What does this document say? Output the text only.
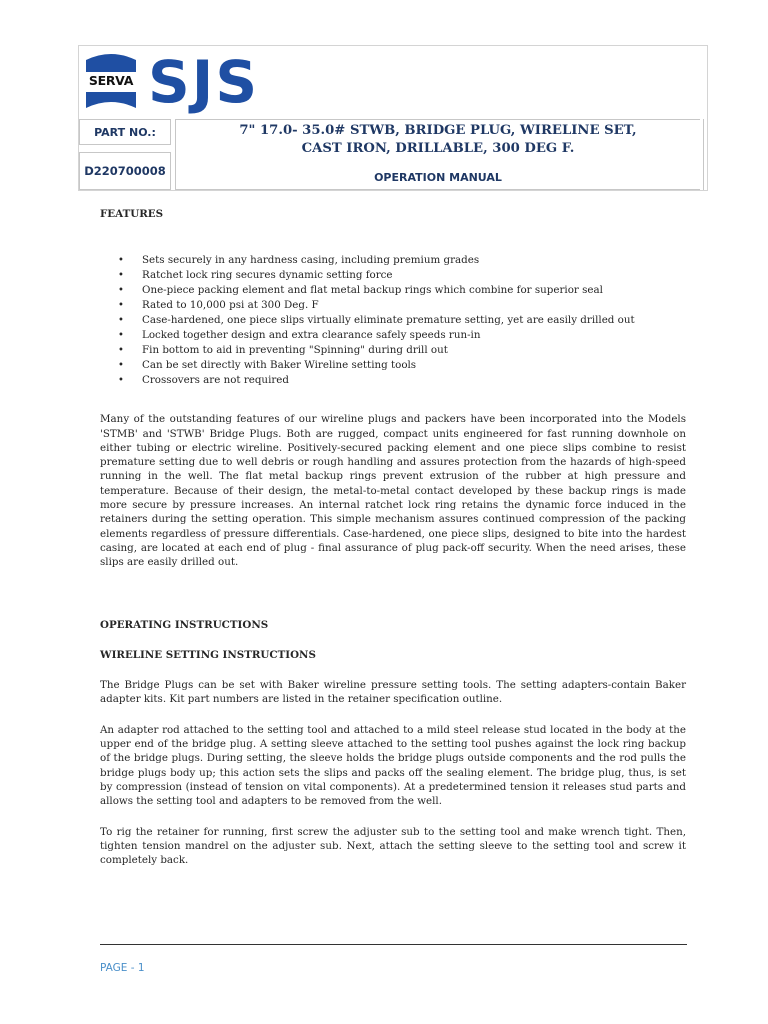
SERVA SJS
PART NO.:
D220700008
7" 17.0- 35.0# STWB, BRIDGE PLUG, WIRELINE SET,
CAST IRON, DRILLABLE, 300 DEG F.
OPERATION MANUAL
FEATURES
• Sets securely in any hardness casing, including premium grades
• Ratchet lock ring secures dynamic setting force
• One-piece packing element and flat metal backup rings which combine for superior seal
• Rated to 10,000 psi at 300 Deg. F
• Case-hardened, one piece slips virtually eliminate premature setting, yet are easily drilled out
• Locked together design and extra clearance safely speeds run-in
• Fin bottom to aid in preventing "Spinning" during drill out
• Can be set directly with Baker Wireline setting tools
• Crossovers are not required

Many of the outstanding features of our wireline plugs and packers have been incorporated into the Models 'STMB' and 'STWB' Bridge Plugs. Both are rugged, compact units engineered for fast running downhole on either tubing or electric wireline. Positively-secured packing element and one piece slips combine to resist premature setting due to well debris or rough handling and assures protection from the hazards of high-speed running in the well. The flat metal backup rings prevent extrusion of the rubber at high pressure and temperature. Because of their design, the metal-to-metal contact developed by these backup rings is made more secure by pressure increases. An internal ratchet lock ring retains the dynamic force induced in the retainers during the setting operation. This simple mechanism assures continued compression of the packing elements regardless of pressure differentials. Case-hardened, one piece slips, designed to bite into the hardest casing, are located at each end of plug - final assurance of plug pack-off security. When the need arises, these slips are easily drilled out.

OPERATING INSTRUCTIONS
WIRELINE SETTING INSTRUCTIONS

The Bridge Plugs can be set with Baker wireline pressure setting tools. The setting adapters-contain Baker adapter kits. Kit part numbers are listed in the retainer specification outline.

An adapter rod attached to the setting tool and attached to a mild steel release stud located in the body at the upper end of the bridge plug. A setting sleeve attached to the setting tool pushes against the lock ring backup of the bridge plugs. During setting, the sleeve holds the bridge plugs outside components and the rod pulls the bridge plugs body up; this action sets the slips and packs off the sealing element. The bridge plug, thus, is set by compression (instead of tension on vital components). At a predetermined tension it releases stud parts and allows the setting tool and adapters to be removed from the well.

To rig the retainer for running, first screw the adjuster sub to the setting tool and make wrench tight. Then, tighten tension mandrel on the adjuster sub. Next, attach the setting sleeve to the setting tool and screw it completely back.

PAGE - 1
